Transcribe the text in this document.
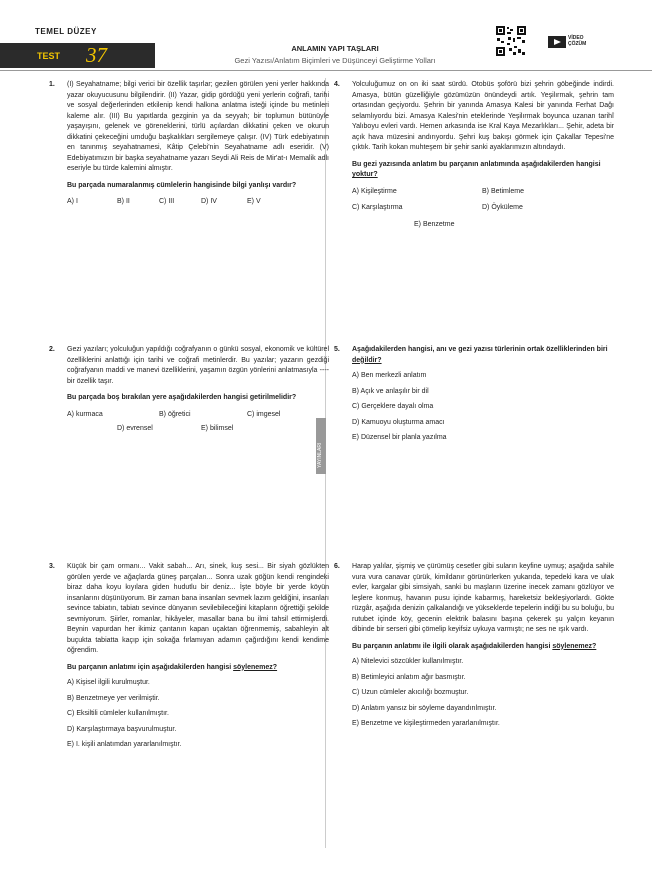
TEMEL DÜZEY
TEST 37	ANLAMIN YAPI TAŞLARI
Gezi Yazısı/Anlatım Biçimleri ve Düşünceyi Geliştirme Yolları
VİDEO
ÇÖZÜM
YAYINLARI
1. (I) Seyahatname; bilgi verici bir özellik taşırlar; gezilen görülen yeni yerler hakkında yazar okuyucusunu bilgilendirir. (II) Yazar, gidip gördüğü yeni yerlerin coğrafi, tarihi ve sosyal değerlerinden etkilenip kendi halkına anlatma isteği içinde bu metinleri kaleme alır. (III) Bu yapıtlarda gezginin ya da seyyah; bir toplumun bütünüyle yaşayışını, gelenek ve göreneklerini, türlü açılardan dikkatini çeken ve okurun dikkatini çekeceğini umduğu başkalıkları sergilemeye çalışır. (IV) Türk edebiyatının en tanınmış seyahatnamesi, Kâtip Çelebi'nin Seyahatname adlı eseridir. (V) Edebiyatımızın bir başka seyahatname yazarı Seydi Ali Reis de Mir'at-ı Memalik adlı eseriyle bu türde kalemini almıştır.
Bu parçada numaralanmış cümlelerin hangisinde bilgi yanlışı vardır?
A) I	B) II	C) III	D) IV	E) V
2. Gezi yazıları; yolculuğun yapıldığı coğrafyanın o günkü sosyal, ekonomik ve kültürel özelliklerini anlattığı için tarihi ve coğrafi metinlerdir. Bu yazılar; yazarın gezdiği coğrafyanın maddi ve manevi özelliklerini, yaşamın özgün yönlerini anlatmasıyla ---- bir özellik taşır.
Bu parçada boş bırakılan yere aşağıdakilerden hangisi getirilmelidir?
A) kurmaca	B) öğretici	C) imgesel
D) evrensel	E) bilimsel
3. Küçük bir çam ormanı... Vakit sabah... Arı, sinek, kuş sesi... Bir siyah gözlükten görülen yerde ve ağaçlarda güneş parçaları... Sonra uzak göğün kendi rengindeki biraz daha koyu kıyılara giden hudutlu bir deniz... İşte böyle bir yerde köyün insanlarını düşünüyorum. Bir zaman bana insanları sevmek lazım geldiğini, insanları sevince tabiatın, tabiatı sevince dünyanın sevilebileceğini kitapların öğrettiği şekilde sevmiyorum. Şiirler, romanlar, hikâyeler, masallar bana bu ilmi tahsil ettirmişlerdi. Beynin vapurdan her ikimiz çantanın kapan uçaktan öğrenmemiş, sabahleyin alt buçukta tabiatta kaçıp için sokağa fırlamıyan adamın çağırdığını kendi kendime öğrendim.
Bu parçanın anlatımı için aşağıdakilerden hangisi söylenemez?
A) Kişisel ilgili kurulmuştur.
B) Benzetmeye yer verilmiştir.
C) Eksiltili cümleler kullanılmıştır.
D) Karşılaştırmaya başvurulmuştur.
E) I. kişili anlatımdan yararlanılmıştır.
4. Yolculuğumuz on on iki saat sürdü. Otobüs şoförü bizi şehrin göbeğinde indirdi. Amasya, bütün güzelliğiyle gözümüzün önündeydi artık. Yeşilırmak, şehrin tam ortasından geçiyordu. Şehrin bir yanında Amasya Kalesi bir yanında Ferhat Dağı selamlıyordu bizi. Amasya Kalesi'nin eteklerinde Yeşilırmak boyunca uzanan tarihî Yalıboyu evleri vardı. Hemen arkasında ise Kral Kaya Mezarlıkları... Şehir, adeta bir açık hava müzesini andırıyordu. Şehri kuş bakışı görmek için Çakallar Tepesi'ne çıktık. Tarih kokan muhteşem bir şehir sanki ayaklarımızın altındaydı.
Bu gezi yazısında anlatım bu parçanın anlatımında aşağıdakilerden hangisi yoktur?
A) Kişileştirme	B) Betimleme
C) Karşılaştırma	D) Öyküleme
E) Benzetme
5. Aşağıdakilerden hangisi, anı ve gezi yazısı türlerinin ortak özelliklerinden biri değildir?
A) Ben merkezli anlatım
B) Açık ve anlaşılır bir dil
C) Gerçeklere dayalı olma
D) Kamuoyu oluşturma amacı
E) Düzensel bir planla yazılma
6. Harap yalılar, şişmiş ve çürümüş cesetler gibi suların keyfine uymuş; aşağıda sahile vura vura canavar çürük, kimildanır görünürlerken yukarıda, tepedeki kara ve ulak evler, kargalar gibi simsiyah, sanki bu maşların üzerine inecek zamanı gözlüyor ve leşlere konmuş, havanın pusu içinde kabarmış, hareketsiz bekleşiyorlardı. Gökte rüzgâr, aşağıda denizin çalkalandığı ve yükseklerde tepelerin indiği bu su boluğu, bu rutubet içinde köy, gecenin elektrik balasını başına çekerek şu yalçın keyanın dibinde bir serseri gibi çömelip keyifsiz uykuya varmıştı; ne ses ne ışık vardı.
Bu parçanın anlatımı ile ilgili olarak aşağıdakilerden hangisi söylenemez?
A) Nitelevici sözcükler kullanılmıştır.
B) Betimleyici anlatım ağır basmıştır.
C) Uzun cümleler akıcılığı bozmuştur.
D) Anlatım yansız bir söyleme dayandırılmıştır.
E) Benzetme ve kişileştirmeden yararlanılmıştır.
